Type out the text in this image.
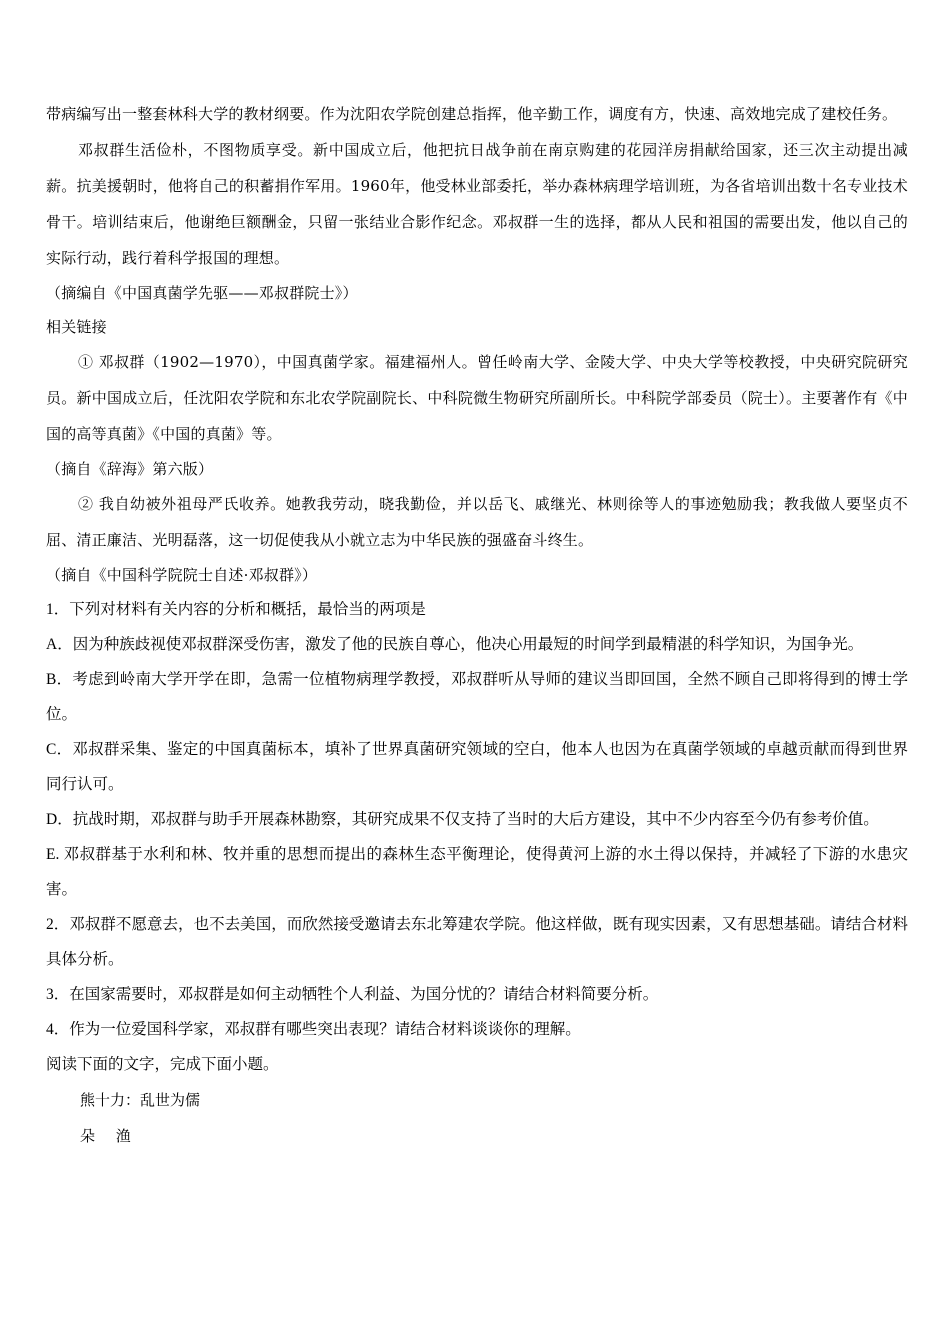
带病编写出一整套林科大学的教材纲要。作为沈阳农学院创建总指挥，他辛勤工作，调度有方，快速、高效地完成了建校任务。

邓叔群生活俭朴，不图物质享受。新中国成立后，他把抗日战争前在南京购建的花园洋房捐献给国家，还三次主动提出减薪。抗美援朝时，他将自己的积蓄捐作军用。1960年，他受林业部委托，举办森林病理学培训班，为各省培训出数十名专业技术骨干。培训结束后，他谢绝巨额酬金，只留一张结业合影作纪念。邓叔群一生的选择，都从人民和祖国的需要出发，他以自己的实际行动，践行着科学报国的理想。

（摘编自《中国真菌学先驱——邓叔群院士》）

相关链接

① 邓叔群（1902—1970），中国真菌学家。福建福州人。曾任岭南大学、金陵大学、中央大学等校教授，中央研究院研究员。新中国成立后，任沈阳农学院和东北农学院副院长、中科院微生物研究所副所长。中科院学部委员（院士）。主要著作有《中国的高等真菌》《中国的真菌》等。

（摘自《辞海》第六版）

② 我自幼被外祖母严氏收养。她教我劳动，晓我勤俭，并以岳飞、戚继光、林则徐等人的事迹勉励我；教我做人要坚贞不屈、清正廉洁、光明磊落，这一切促使我从小就立志为中华民族的强盛奋斗终生。

（摘自《中国科学院院士自述·邓叔群》）

1．下列对材料有关内容的分析和概括，最恰当的两项是

A．因为种族歧视使邓叔群深受伤害，激发了他的民族自尊心，他决心用最短的时间学到最精湛的科学知识，为国争光。

B．考虑到岭南大学开学在即，急需一位植物病理学教授，邓叔群听从导师的建议当即回国，全然不顾自己即将得到的博士学位。

C．邓叔群采集、鉴定的中国真菌标本，填补了世界真菌研究领域的空白，他本人也因为在真菌学领域的卓越贡献而得到世界同行认可。

D．抗战时期，邓叔群与助手开展森林勘察，其研究成果不仅支持了当时的大后方建设，其中不少内容至今仍有参考价值。

E. 邓叔群基于水利和林、牧并重的思想而提出的森林生态平衡理论，使得黄河上游的水土得以保持，并减轻了下游的水患灾害。

2．邓叔群不愿意去，也不去美国，而欣然接受邀请去东北筹建农学院。他这样做，既有现实因素，又有思想基础。请结合材料具体分析。

3．在国家需要时，邓叔群是如何主动牺牲个人利益、为国分忧的？请结合材料简要分析。

4．作为一位爱国科学家，邓叔群有哪些突出表现？请结合材料谈谈你的理解。

阅读下面的文字，完成下面小题。

熊十力：乱世为儒

朵 渔
